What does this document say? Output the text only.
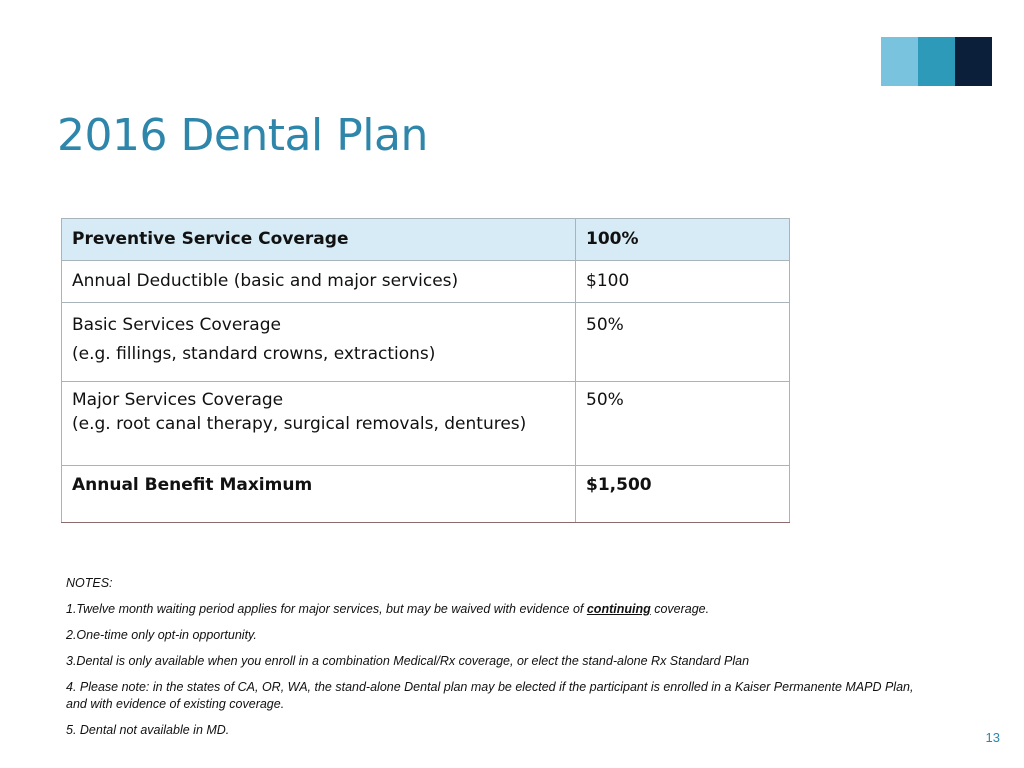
2016 Dental Plan
Preventive Service Coverage	100%
Annual Deductible (basic and major services)	$100

Basic Services Coverage
(e.g. fillings, standard crowns, extractions)	50%

Major Services Coverage
(e.g. root canal therapy, surgical removals, dentures)	50%
Annual Benefit Maximum	$1,500

NOTES:

1.Twelve month waiting period applies for major services, but may be waived with evidence of continuing coverage.

2.One-time only opt-in opportunity.

3.Dental is only available when you enroll in a combination Medical/Rx coverage, or elect the stand-alone Rx Standard Plan

4. Please note: in the states of CA, OR, WA, the stand-alone Dental plan may be elected if the participant is enrolled in a Kaiser Permanente MAPD Plan, and with evidence of existing coverage.

5. Dental not available in MD.	13
